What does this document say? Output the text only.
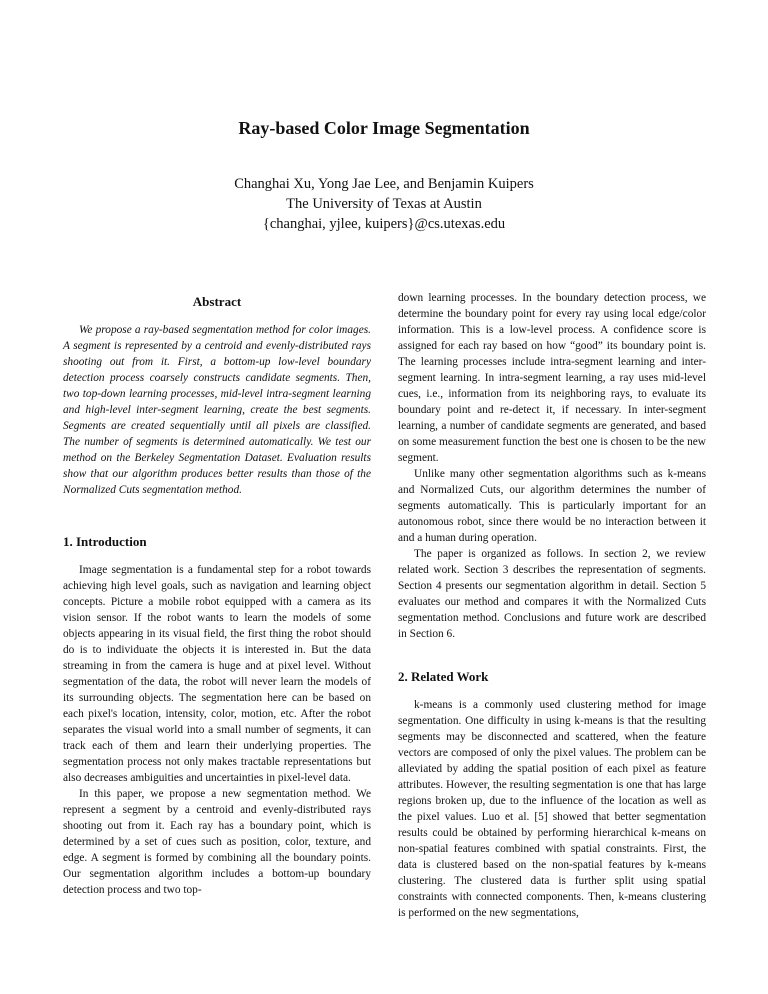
Ray-based Color Image Segmentation
Changhai Xu, Yong Jae Lee, and Benjamin Kuipers
The University of Texas at Austin
{changhai, yjlee, kuipers}@cs.utexas.edu
Abstract

We propose a ray-based segmentation method for color images. A segment is represented by a centroid and evenly-distributed rays shooting out from it. First, a bottom-up low-level boundary detection process coarsely constructs candidate segments. Then, two top-down learning processes, mid-level intra-segment learning and high-level inter-segment learning, create the best segments. Segments are created sequentially until all pixels are classified. The number of segments is determined automatically. We test our method on the Berkeley Segmentation Dataset. Evaluation results show that our algorithm produces better results than those of the Normalized Cuts segmentation method.

1. Introduction

Image segmentation is a fundamental step for a robot towards achieving high level goals, such as navigation and learning object concepts. Picture a mobile robot equipped with a camera as its vision sensor. If the robot wants to learn the models of some objects appearing in its visual field, the first thing the robot should do is to individuate the objects it is interested in. But the data streaming in from the camera is huge and at pixel level. Without segmentation of the data, the robot will never learn the models of its surrounding objects. The segmentation here can be based on each pixel's location, intensity, color, motion, etc. After the robot separates the visual world into a small number of segments, it can track each of them and learn their underlying properties. The segmentation process not only makes tractable representations but also decreases ambiguities and uncertainties in pixel-level data.

In this paper, we propose a new segmentation method. We represent a segment by a centroid and evenly-distributed rays shooting out from it. Each ray has a boundary point, which is determined by a set of cues such as position, color, texture, and edge. A segment is formed by combining all the boundary points. Our segmentation algorithm includes a bottom-up boundary detection process and two top-

down learning processes. In the boundary detection process, we determine the boundary point for every ray using local edge/color information. This is a low-level process. A confidence score is assigned for each ray based on how “good” its boundary point is. The learning processes include intra-segment learning and inter-segment learning. In intra-segment learning, a ray uses mid-level cues, i.e., information from its neighboring rays, to evaluate its boundary point and re-detect it, if necessary. In inter-segment learning, a number of candidate segments are generated, and based on some measurement function the best one is chosen to be the new segment.

Unlike many other segmentation algorithms such as k-means and Normalized Cuts, our algorithm determines the number of segments automatically. This is particularly important for an autonomous robot, since there would be no interaction between it and a human during operation.

The paper is organized as follows. In section 2, we review related work. Section 3 describes the representation of segments. Section 4 presents our segmentation algorithm in detail. Section 5 evaluates our method and compares it with the Normalized Cuts segmentation method. Conclusions and future work are described in Section 6.

2. Related Work

k-means is a commonly used clustering method for image segmentation. One difficulty in using k-means is that the resulting segments may be disconnected and scattered, when the feature vectors are composed of only the pixel values. The problem can be alleviated by adding the spatial position of each pixel as feature attributes. However, the resulting segmentation is one that has large regions broken up, due to the influence of the location as well as the pixel values. Luo et al. [5] showed that better segmentation results could be obtained by performing hierarchical k-means on non-spatial features combined with spatial constraints. First, the data is clustered based on the non-spatial features by k-means clustering. The clustered data is further split using spatial constraints with connected components. Then, k-means clustering is performed on the new segmentations,
